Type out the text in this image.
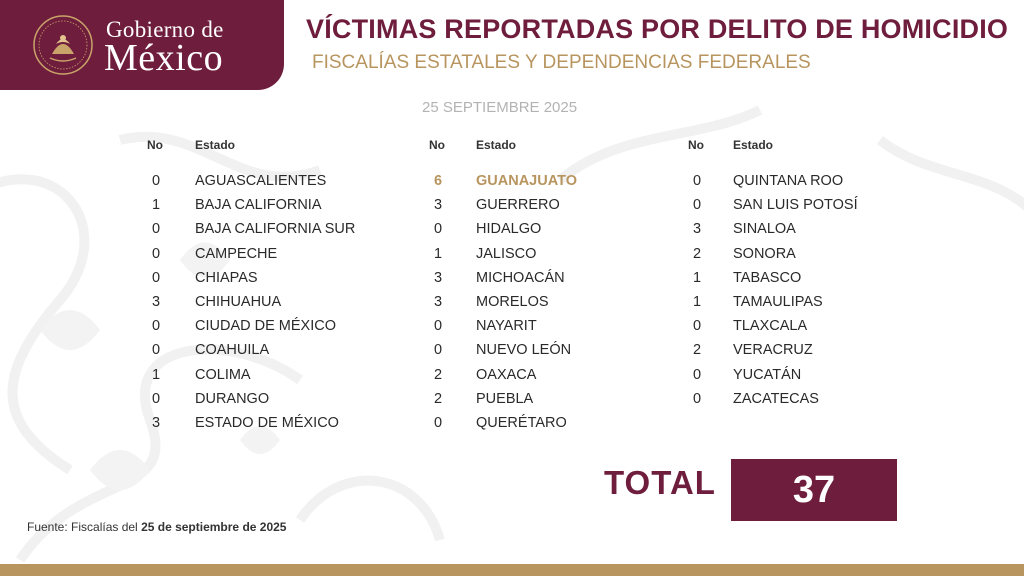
Gobierno de
México
VÍCTIMAS REPORTADAS POR DELITO DE HOMICIDIO
FISCALÍAS ESTATALES Y DEPENDENCIAS FEDERALES
25 SEPTIEMBRE 2025
No	Estado
0	AGUASCALIENTES
1	BAJA CALIFORNIA
0	BAJA CALIFORNIA SUR
0	CAMPECHE
0	CHIAPAS
3	CHIHUAHUA
0	CIUDAD DE MÉXICO
0	COAHUILA
1	COLIMA
0	DURANGO
3	ESTADO DE MÉXICO
No	Estado
6	GUANAJUATO
3	GUERRERO
0	HIDALGO
1	JALISCO
3	MICHOACÁN
3	MORELOS
0	NAYARIT
0	NUEVO LEÓN
2	OAXACA
2	PUEBLA
0	QUERÉTARO
No Estado
0	QUINTANA ROO
0	SAN LUIS POTOSÍ
3	SINALOA
2	SONORA
1	TABASCO
1	TAMAULIPAS
0	TLAXCALA
2	VERACRUZ
0	YUCATÁN
0	ZACATECAS
TOTAL 37
Fuente: Fiscalías del 25 de septiembre de 2025
